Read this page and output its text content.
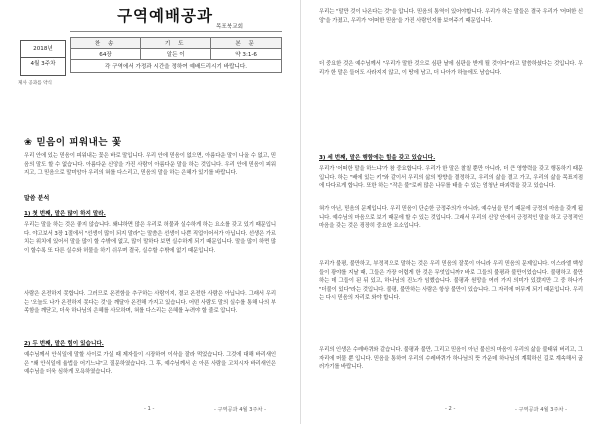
구역예배공과
목포북교회
2018년
4월 3주차
제사 공과를 약식
찬 송	기 도	본 문
64장	알든 이	약 3:1-6
각 구역에서 가정과 시간을 정하여 예배드리시기 바랍니다.		
❀ 믿음이 피워내는 꽃
우리 안에 있는 믿음이 피워내는 꽃은 바로 말입니다. 우리 안에 믿음이 없으면, 아름다운 말이 나올 수 없고, 믿음의 말도 할 수 없습니다. 아름다운 신앙을 가진 사람이 아름다운 말을 하는 것입니다. 우리 안에 믿음이 피워지고, 그 믿음으로 말미암아 우리의 혀를 다스리고, 믿음의 말을 하는 은혜가 있기를 바랍니다.
말씀 분석
1) 첫 번째, 말은 많이 하지 말라.
우리는 말을 하는 것은 좋지 않습니다. 왜냐하면 많은 우리로 허물과 실수하게 하는 요소를 갖고 있기 때문입니다. 야고보서 3장 1절에서 "선생이 많이 되지 말라"는 말씀은 선생이 나쁜 직업이어서가 아닙니다. 선생은 가르치는 위치에 있어서 말을 많이 할 수밖에 없고, 많이 말하다 보면 실수하게 되기 때문입니다. 말을 많이 하면 많이 할수록 또 다른 실수와 허물을 하기 쉬우며 결국, 실수할 수밖에 없기 때문입니다.
사람은 온전하지 못합니다. 그러므로 온전함을 추구하는 사람이지, 결코 온전한 사람은 아닙니다. 그래서 우리는 '오늘도 나가 온전하지 못다는 것'을 깨달아 온전해 가지고 있습니다. 어떤 사람도 말의 실수를 통해 나의 부족함을 깨닫고, 더욱 하나님의 은혜를 사모하며, 혀를 다스리는 은혜를 누려야 할 줄로 압니다.
2) 두 번째, 말은 힘이 있습니다.
예수님께서 안식일에 말할 사이로 가실 때 제자들이 시장하여 이삭을 잘라 먹었습니다. 그것에 대해 바리새인은 "왜 안식일에 율법을 어기느냐"고 질문하였습니다. 그 후, 예수님께서 손 아픈 사람을 고치시자 바리새인은 예수님을 더욱 심하게 모욕하였습니다.
- 1 -	- 구역공과 4월 3주차 -
우리는 "말만 것이 나온다는 것"을 압니다. 믿음의 통역이 있어야합니다. 우리가 하는 말들은 결국 우리가 '어떠한 신앙'을 가졌고, 우리가 '어떠한 믿음'을 가진 사람인지를 보여주기 때문입니다.
더 중요한 것은 예수님께서 "우리가 말한 것으로 심판 날에 심판을 받게 될 것이다"라고 말씀하셨다는 것입니다. 우리가 한 말은 들어도 사라지지 않고, 이 땅에 남고, 더 나아가 하늘에도 남습니다.
3) 세 번째, 말은 행함에는 힘을 갖고 있습니다.
우리가 '어떠한 말을 하느냐'가 참 중요합니다. 우리가 한 말은 찰칠 뿐만 아니라, 더 큰 영향력을 갖고 행동하기 때문입니다. 하는 "배에 있는 키"와 같이서 우리의 삶의 방향을 결정하고, 우리의 삶을 결고 가고, 우리의 삶을 목표지점에 다다르게 합니다. 또한 하는 "작은 불"로써 많은 나무를 태울 수 있는 엄청난 파괴력을 갖고 있습니다.
혀가 아닌, 믿음의 문제입니다. 우리 믿음이 단순한 긍정주의가 아니라, 예수님을 믿기 때문에 긍정의 마음을 갖게 됩니다. 예수님의 마음으로 보기 때문에 할 수 있는 것입니다. 그래서 우리의 신앙 안에서 긍정적인 말을 하고 긍정적인 마음을 갖는 것은 굉장히 중요한 요소입니다.
우리가 불평, 불만하고, 부정적으로 말하는 것은 우리 믿음의 잘못이 아니라 우리 믿음의 문제입니다. 이스라엘 백성들이 광야를 지날 때, 그들은 가장 어렵게 한 것은 무엇입니까? 바로 그들의 불평과 불만이었습니다. 불평하고 불만하는 데 그들이 된 뒤 있고, 하나님의 진노가 임했습니다. 불평과 원망을 여러 가지 의미가 있겠지만 그 중 하나가 "더불이 있다"라는 것입니다. 불평, 불만하는 사람은 항상 불만이 있습니다. 그 자리에 머무게 되기 때문입니다. 우리는 다시 믿음의 자리로 와야 합니다.
우리의 인생은 수레바퀴와 같습니다. 불평과 불만, 그리고 믿음이 아닌 불신의 마음이 우리의 삶을 불태워 버리고, 그 자리에 머물 뿐 입니다. 믿음을 통하여 우리의 수레바퀴가 하나님의 뜻 가운데 하나님의 계획하신 길로 계속해서 굴러가기를 바랍니다.
- 2 -	- 구역공과 4월 3주차 -
